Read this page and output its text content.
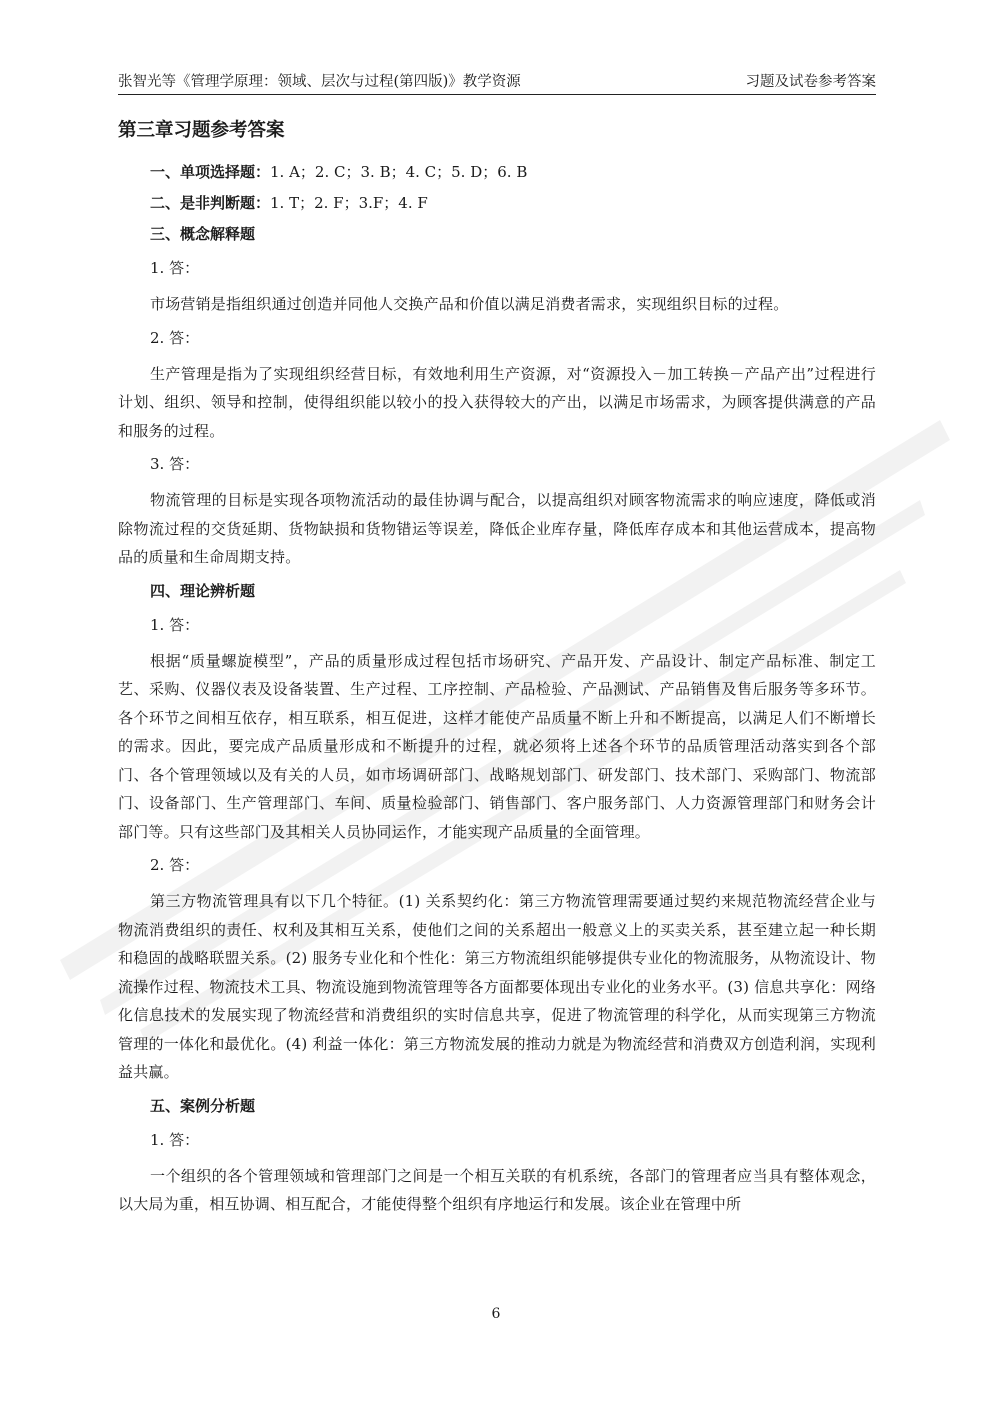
张智光等《管理学原理：领域、层次与过程(第四版)》教学资源	习题及试卷参考答案
第三章习题参考答案

一、单项选择题：1. A；2. C；3. B；4. C；5. D；6. B

二、是非判断题：1. T；2. F；3.F；4. F

三、概念解释题

1. 答：

市场营销是指组织通过创造并同他人交换产品和价值以满足消费者需求，实现组织目标的过程。

2. 答：

生产管理是指为了实现组织经营目标，有效地利用生产资源，对“资源投入－加工转换－产品产出”过程进行计划、组织、领导和控制，使得组织能以较小的投入获得较大的产出，以满足市场需求，为顾客提供满意的产品和服务的过程。

3. 答：

物流管理的目标是实现各项物流活动的最佳协调与配合，以提高组织对顾客物流需求的响应速度，降低或消除物流过程的交货延期、货物缺损和货物错运等误差，降低企业库存量，降低库存成本和其他运营成本，提高物品的质量和生命周期支持。

四、理论辨析题

1. 答：

根据“质量螺旋模型”，产品的质量形成过程包括市场研究、产品开发、产品设计、制定产品标准、制定工艺、采购、仪器仪表及设备装置、生产过程、工序控制、产品检验、产品测试、产品销售及售后服务等多环节。各个环节之间相互依存，相互联系，相互促进，这样才能使产品质量不断上升和不断提高，以满足人们不断增长的需求。因此，要完成产品质量形成和不断提升的过程，就必须将上述各个环节的品质管理活动落实到各个部门、各个管理领域以及有关的人员，如市场调研部门、战略规划部门、研发部门、技术部门、采购部门、物流部门、设备部门、生产管理部门、车间、质量检验部门、销售部门、客户服务部门、人力资源管理部门和财务会计部门等。只有这些部门及其相关人员协同运作，才能实现产品质量的全面管理。

2. 答：

第三方物流管理具有以下几个特征。(1) 关系契约化：第三方物流管理需要通过契约来规范物流经营企业与物流消费组织的责任、权利及其相互关系，使他们之间的关系超出一般意义上的买卖关系，甚至建立起一种长期和稳固的战略联盟关系。(2) 服务专业化和个性化：第三方物流组织能够提供专业化的物流服务，从物流设计、物流操作过程、物流技术工具、物流设施到物流管理等各方面都要体现出专业化的业务水平。(3) 信息共享化：网络化信息技术的发展实现了物流经营和消费组织的实时信息共享，促进了物流管理的科学化，从而实现第三方物流管理的一体化和最优化。(4) 利益一体化：第三方物流发展的推动力就是为物流经营和消费双方创造利润，实现利益共赢。

五、案例分析题

1. 答：

一个组织的各个管理领域和管理部门之间是一个相互关联的有机系统，各部门的管理者应当具有整体观念，以大局为重，相互协调、相互配合，才能使得整个组织有序地运行和发展。该企业在管理中所

6
